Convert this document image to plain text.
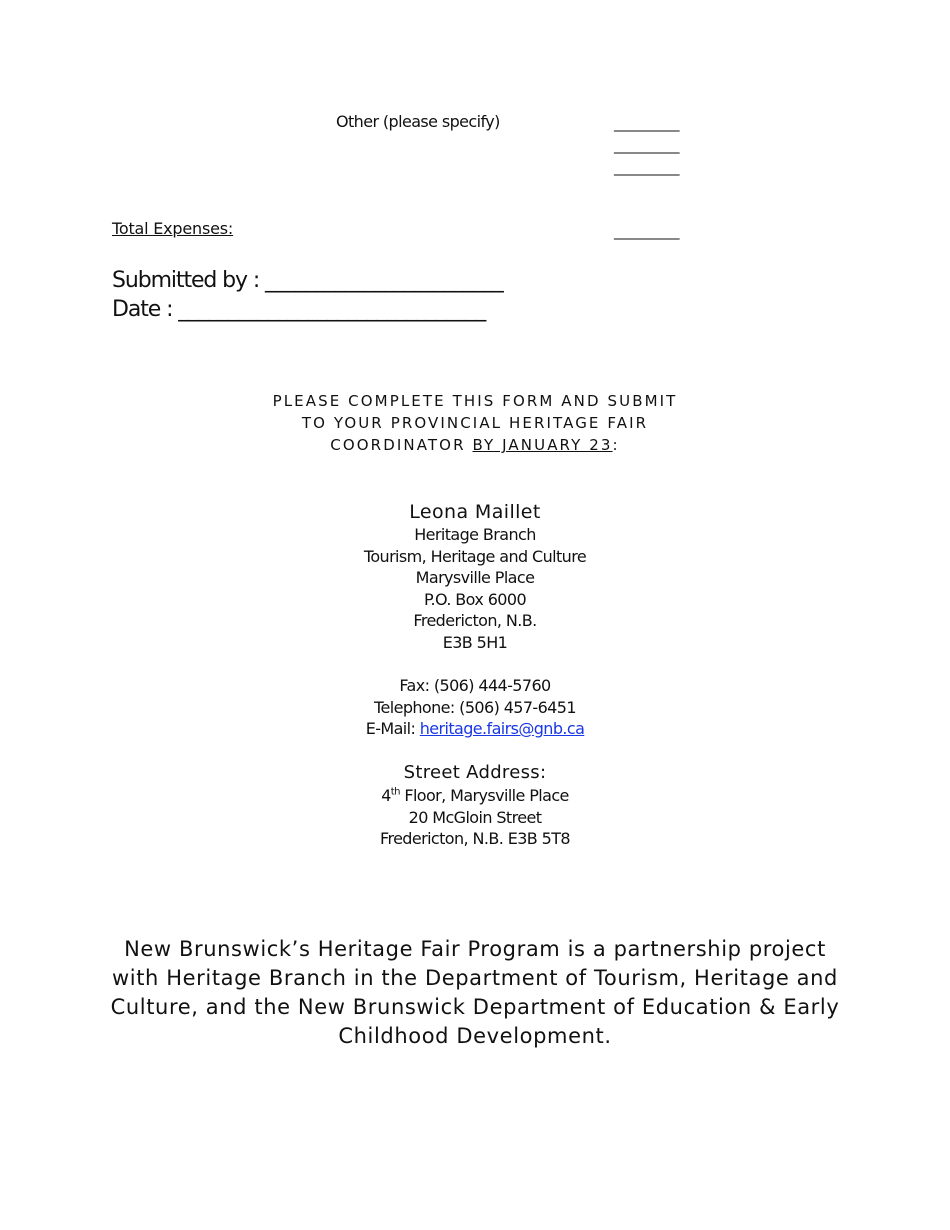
Other (please specify)	__________
__________
__________
Total Expenses:	__________
Submitted by : ________________________
Date : _______________________________
PLEASE COMPLETE THIS FORM AND SUBMIT
TO YOUR PROVINCIAL HERITAGE FAIR
COORDINATOR BY JANUARY 23:
Leona Maillet
Heritage Branch
Tourism, Heritage and Culture
Marysville Place
P.O. Box 6000
Fredericton, N.B.
E3B 5H1
Fax: (506) 444-5760
Telephone: (506) 457-6451
E-Mail: heritage.fairs@gnb.ca
Street Address:
4th Floor, Marysville Place
20 McGloin Street
Fredericton, N.B. E3B 5T8
New Brunswick’s Heritage Fair Program is a partnership project with Heritage Branch in the Department of Tourism, Heritage and Culture, and the New Brunswick Department of Education & Early Childhood Development.
